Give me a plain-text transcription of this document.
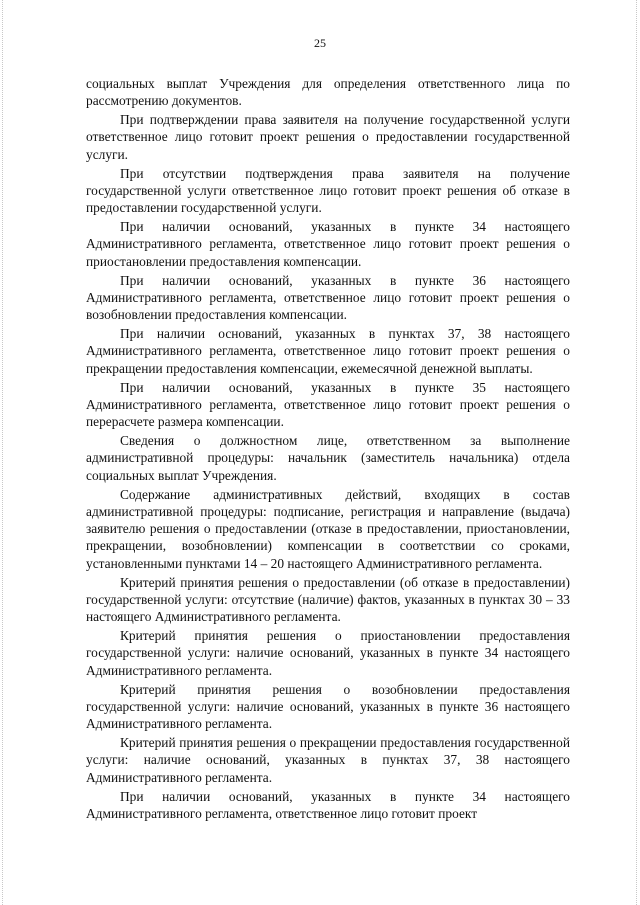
25

социальных выплат Учреждения для определения ответственного лица по рассмотрению документов.

При подтверждении права заявителя на получение государственной услуги ответственное лицо готовит проект решения о предоставлении государственной услуги.

При отсутствии подтверждения права заявителя на получение государственной услуги ответственное лицо готовит проект решения об отказе в предоставлении государственной услуги.

При наличии оснований, указанных в пункте 34 настоящего Административного регламента, ответственное лицо готовит проект решения о приостановлении предоставления компенсации.

При наличии оснований, указанных в пункте 36 настоящего Административного регламента, ответственное лицо готовит проект решения о возобновлении предоставления компенсации.

При наличии оснований, указанных в пунктах 37, 38 настоящего Административного регламента, ответственное лицо готовит проект решения о прекращении предоставления компенсации, ежемесячной денежной выплаты.

При наличии оснований, указанных в пункте 35 настоящего Административного регламента, ответственное лицо готовит проект решения о перерасчете размера компенсации.

Сведения о должностном лице, ответственном за выполнение административной процедуры: начальник (заместитель начальника) отдела социальных выплат Учреждения.

Содержание административных действий, входящих в состав административной процедуры: подписание, регистрация и направление (выдача) заявителю решения о предоставлении (отказе в предоставлении, приостановлении, прекращении, возобновлении) компенсации в соответствии со сроками, установленными пунктами 14 – 20 настоящего Административного регламента.

Критерий принятия решения о предоставлении (об отказе в предоставлении) государственной услуги: отсутствие (наличие) фактов, указанных в пунктах 30 – 33 настоящего Административного регламента.

Критерий принятия решения о приостановлении предоставления государственной услуги: наличие оснований, указанных в пункте 34 настоящего Административного регламента.

Критерий принятия решения о возобновлении предоставления государственной услуги: наличие оснований, указанных в пункте 36 настоящего Административного регламента.

Критерий принятия решения о прекращении предоставления государственной услуги: наличие оснований, указанных в пунктах 37, 38 настоящего Административного регламента.

При наличии оснований, указанных в пункте 34 настоящего Административного регламента, ответственное лицо готовит проект
